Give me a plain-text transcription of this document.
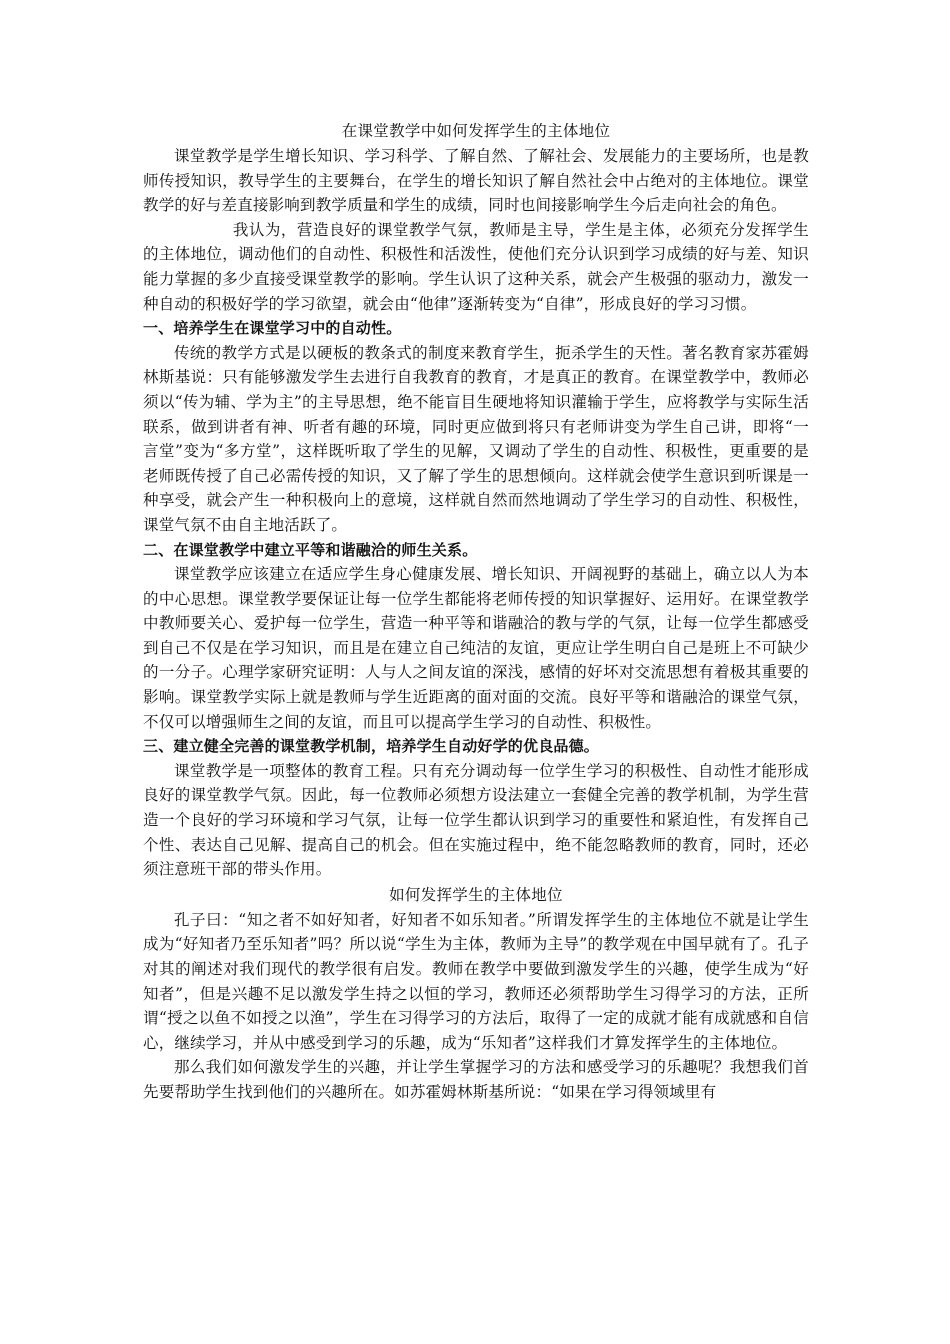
在课堂教学中如何发挥学生的主体地位

课堂教学是学生增长知识、学习科学、了解自然、了解社会、发展能力的主要场所，也是教师传授知识，教导学生的主要舞台，在学生的增长知识了解自然社会中占绝对的主体地位。课堂教学的好与差直接影响到教学质量和学生的成绩，同时也间接影响学生今后走向社会的角色。

我认为，营造良好的课堂教学气氛，教师是主导，学生是主体，必须充分发挥学生的主体地位，调动他们的自动性、积极性和活泼性，使他们充分认识到学习成绩的好与差、知识能力掌握的多少直接受课堂教学的影响。学生认识了这种关系，就会产生极强的驱动力，激发一种自动的积极好学的学习欲望，就会由“他律”逐渐转变为“自律”，形成良好的学习习惯。

一、培养学生在课堂学习中的自动性。

传统的教学方式是以硬板的教条式的制度来教育学生，扼杀学生的天性。著名教育家苏霍姆林斯基说：只有能够激发学生去进行自我教育的教育，才是真正的教育。在课堂教学中，教师必须以“传为辅、学为主”的主导思想，绝不能盲目生硬地将知识灌输于学生，应将教学与实际生活联系，做到讲者有神、听者有趣的环境，同时更应做到将只有老师讲变为学生自己讲，即将“一言堂”变为“多方堂”，这样既听取了学生的见解，又调动了学生的自动性、积极性，更重要的是老师既传授了自己必需传授的知识，又了解了学生的思想倾向。这样就会使学生意识到听课是一种享受，就会产生一种积极向上的意境，这样就自然而然地调动了学生学习的自动性、积极性，课堂气氛不由自主地活跃了。

二、在课堂教学中建立平等和谐融洽的师生关系。

课堂教学应该建立在适应学生身心健康发展、增长知识、开阔视野的基础上，确立以人为本的中心思想。课堂教学要保证让每一位学生都能将老师传授的知识掌握好、运用好。在课堂教学中教师要关心、爱护每一位学生，营造一种平等和谐融洽的教与学的气氛，让每一位学生都感受到自己不仅是在学习知识，而且是在建立自己纯洁的友谊，更应让学生明白自己是班上不可缺少的一分子。心理学家研究证明：人与人之间友谊的深浅，感情的好坏对交流思想有着极其重要的影响。课堂教学实际上就是教师与学生近距离的面对面的交流。良好平等和谐融洽的课堂气氛，不仅可以增强师生之间的友谊，而且可以提高学生学习的自动性、积极性。

三、建立健全完善的课堂教学机制，培养学生自动好学的优良品德。

课堂教学是一项整体的教育工程。只有充分调动每一位学生学习的积极性、自动性才能形成良好的课堂教学气氛。因此，每一位教师必须想方设法建立一套健全完善的教学机制，为学生营造一个良好的学习环境和学习气氛，让每一位学生都认识到学习的重要性和紧迫性，有发挥自己个性、表达自己见解、提高自己的机会。但在实施过程中，绝不能忽略教师的教育，同时，还必须注意班干部的带头作用。

如何发挥学生的主体地位

孔子曰：“知之者不如好知者，好知者不如乐知者。”所谓发挥学生的主体地位不就是让学生成为“好知者乃至乐知者”吗？所以说“学生为主体，教师为主导”的教学观在中国早就有了。孔子对其的阐述对我们现代的教学很有启发。教师在教学中要做到激发学生的兴趣，使学生成为“好知者”，但是兴趣不足以激发学生持之以恒的学习，教师还必须帮助学生习得学习的方法，正所谓“授之以鱼不如授之以渔”，学生在习得学习的方法后，取得了一定的成就才能有成就感和自信心，继续学习，并从中感受到学习的乐趣，成为“乐知者”这样我们才算发挥学生的主体地位。

那么我们如何激发学生的兴趣，并让学生掌握学习的方法和感受学习的乐趣呢？我想我们首先要帮助学生找到他们的兴趣所在。如苏霍姆林斯基所说：“如果在学习得领域里有
